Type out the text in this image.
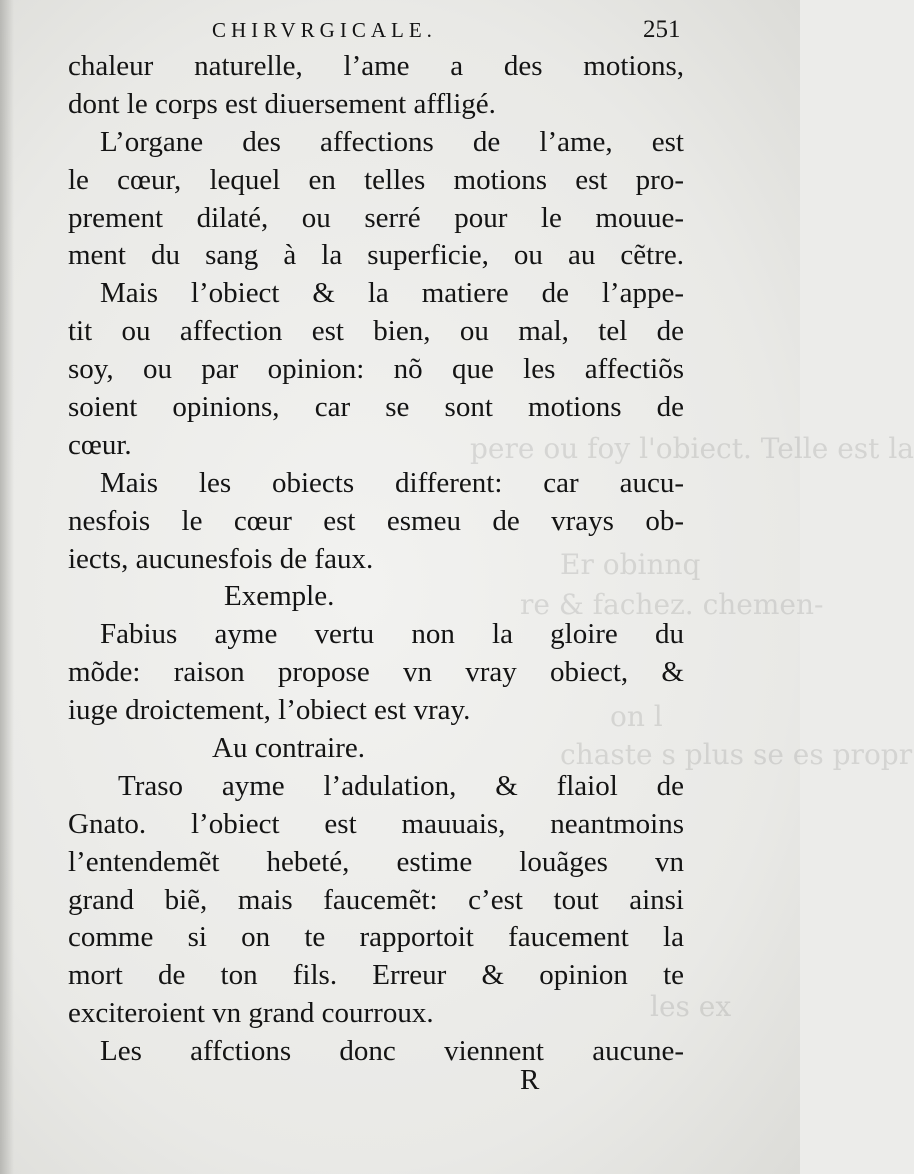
pere ou foy l'obiect. Telle est la
Er obinnq
re & fachez. chemen-
on l
chaste s plus se es propr
les ex
CHIRVRGICALE.	251
chaleur naturelle, l’ame a des motions,
dont le corps est diuersement affligé.
L’organe des affections de l’ame, est
le cœur, lequel en telles motions est pro-
prement dilaté, ou serré pour le mouue-
ment du sang à la superficie, ou au cẽtre.
Mais l’obiect & la matiere de l’appe-
tit ou affection est bien, ou mal, tel de
soy, ou par opinion: nõ que les affectiõs
soient opinions, car se sont motions de
cœur.
Mais les obiects different: car aucu-
nesfois le cœur est esmeu de vrays ob-
iects, aucunesfois de faux.
Exemple.
Fabius ayme vertu non la gloire du
mõde: raison propose vn vray obiect, &
iuge droictement, l’obiect est vray.
Au contraire.
Traso ayme l’adulation, & flaiol de
Gnato. l’obiect est mauuais, neantmoins
l’entendemẽt hebeté, estime louãges vn
grand biẽ, mais faucemẽt: c’est tout ainsi
comme si on te rapportoit faucement la
mort de ton fils. Erreur & opinion te
exciteroient vn grand courroux.
Les affctions donc viennent aucune-
R
